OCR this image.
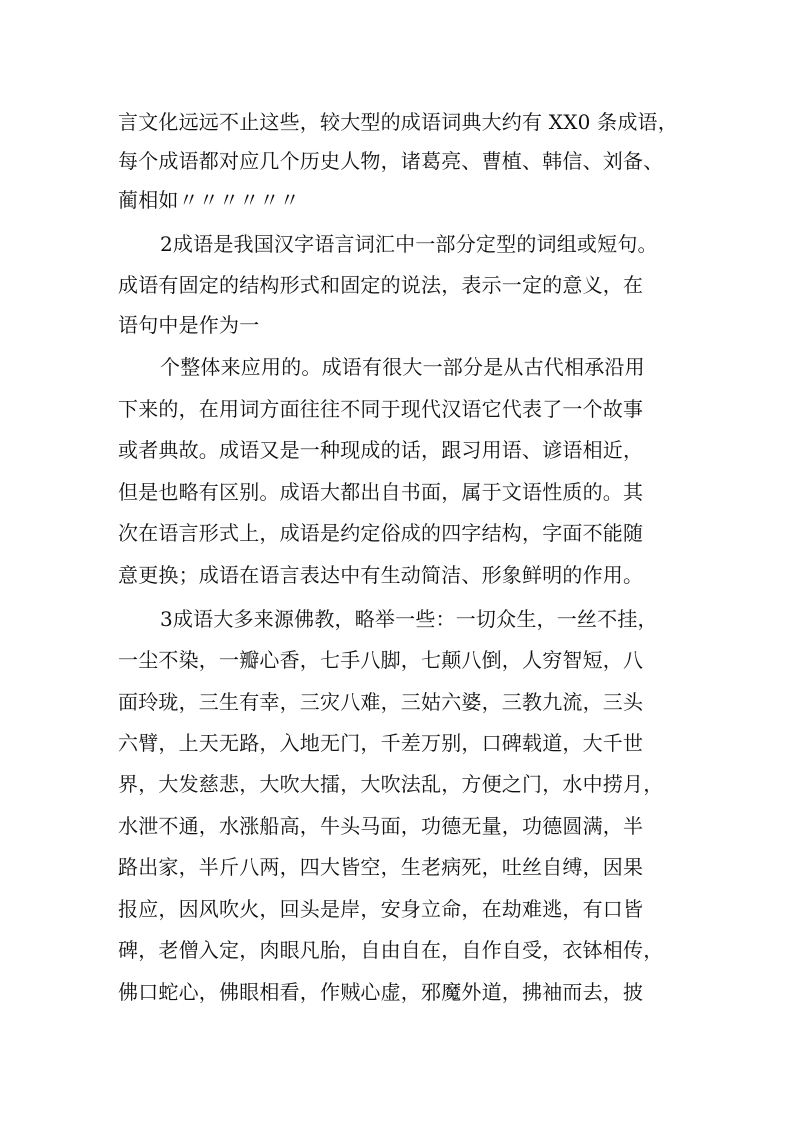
言文化远远不止这些，较大型的成语词典大约有 XX0 条成语，
每个成语都对应几个历史人物，诸葛亮、曹植、韩信、刘备、
蔺相如〃〃〃〃〃〃
2成语是我国汉字语言词汇中一部分定型的词组或短句。
成语有固定的结构形式和固定的说法，表示一定的意义，在
语句中是作为一
个整体来应用的。成语有很大一部分是从古代相承沿用
下来的，在用词方面往往不同于现代汉语它代表了一个故事
或者典故。成语又是一种现成的话，跟习用语、谚语相近，
但是也略有区别。成语大都出自书面，属于文语性质的。其
次在语言形式上，成语是约定俗成的四字结构，字面不能随
意更换；成语在语言表达中有生动简洁、形象鲜明的作用。
3成语大多来源佛教，略举一些：一切众生，一丝不挂，
一尘不染，一瓣心香，七手八脚，七颠八倒，人穷智短，八
面玲珑，三生有幸，三灾八难，三姑六婆，三教九流，三头
六臂，上天无路，入地无门，千差万别，口碑载道，大千世
界，大发慈悲，大吹大擂，大吹法乱，方便之门，水中捞月，
水泄不通，水涨船高，牛头马面，功德无量，功德圆满，半
路出家，半斤八两，四大皆空，生老病死，吐丝自缚，因果
报应，因风吹火，回头是岸，安身立命，在劫难逃，有口皆
碑，老僧入定，肉眼凡胎，自由自在，自作自受，衣钵相传，
佛口蛇心，佛眼相看，作贼心虚，邪魔外道，拂袖而去，披
